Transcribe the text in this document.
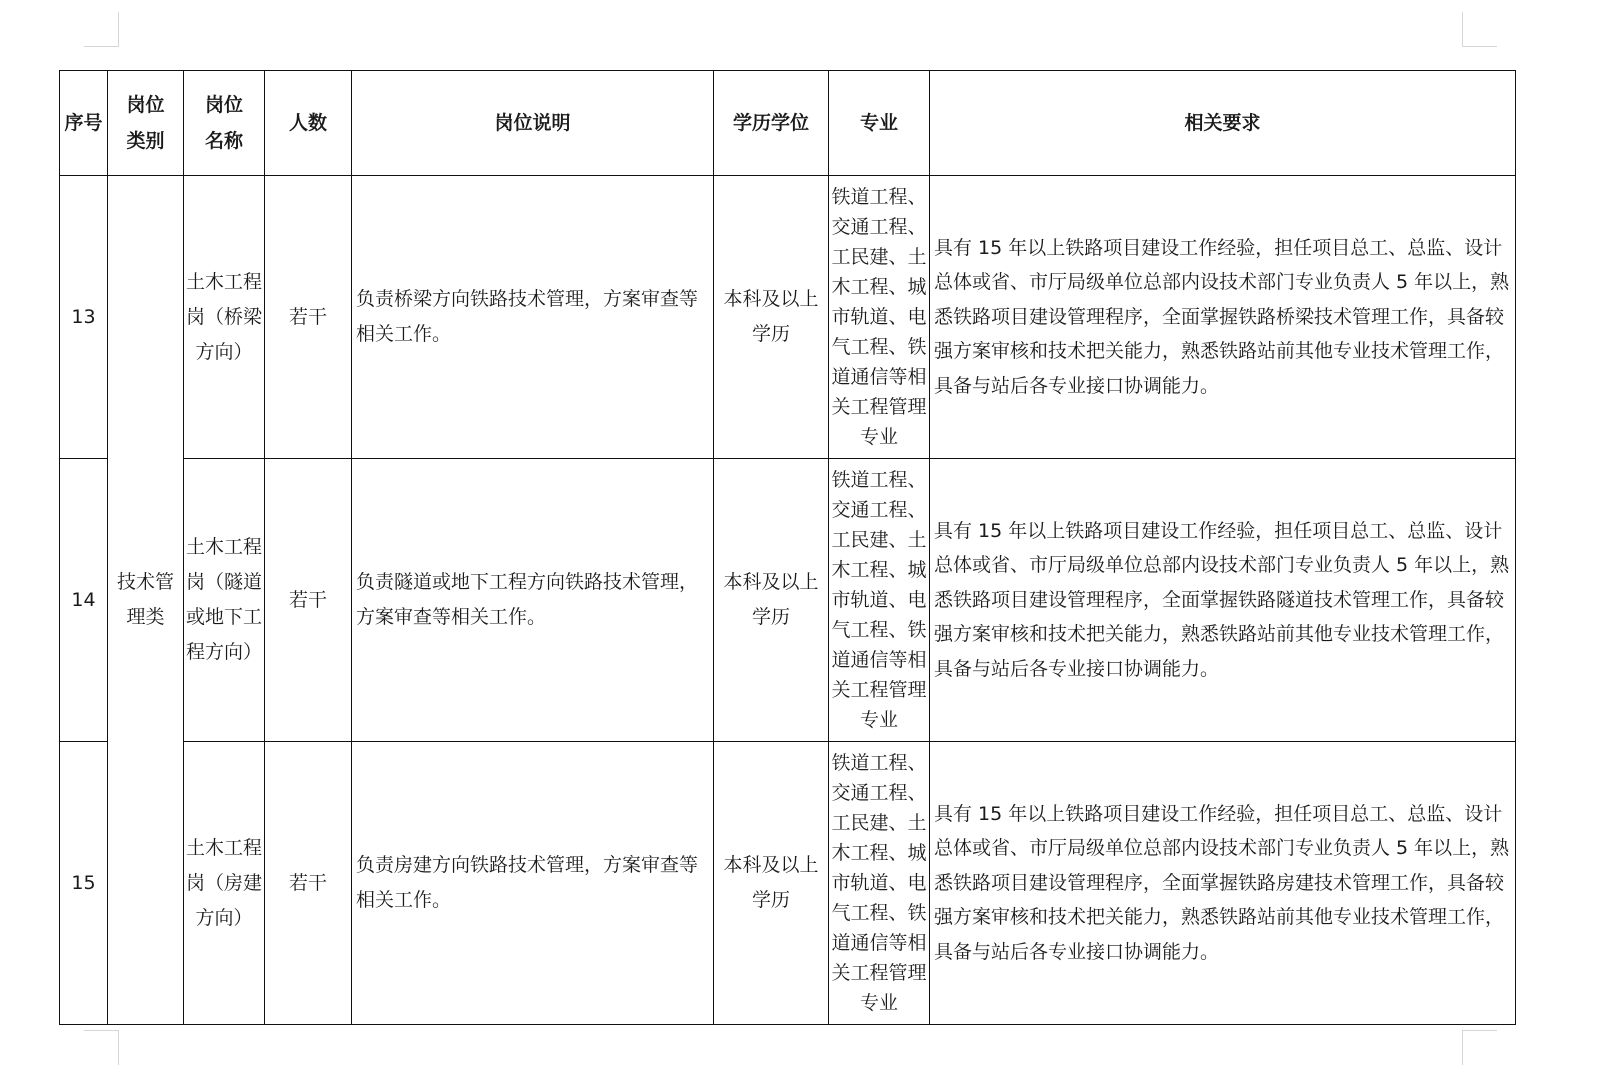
序号	岗位类别	岗位名称	人数	岗位说明	学历学位	专业	相关要求
13	技术管理类	土木工程岗（桥梁方向）	若干	负责桥梁方向铁路技术管理，方案审查等相关工作。	本科及以上学历	铁道工程、交通工程、工民建、土木工程、城市轨道、电气工程、铁道通信等相关工程管理专业	具有 15 年以上铁路项目建设工作经验，担任项目总工、总监、设计总体或省、市厅局级单位总部内设技术部门专业负责人 5 年以上，熟悉铁路项目建设管理程序，全面掌握铁路桥梁技术管理工作，具备较强方案审核和技术把关能力，熟悉铁路站前其他专业技术管理工作，具备与站后各专业接口协调能力。
14		土木工程岗（隧道或地下工程方向）	若干	负责隧道或地下工程方向铁路技术管理，方案审查等相关工作。	本科及以上学历	铁道工程、交通工程、工民建、土木工程、城市轨道、电气工程、铁道通信等相关工程管理专业	具有 15 年以上铁路项目建设工作经验，担任项目总工、总监、设计总体或省、市厅局级单位总部内设技术部门专业负责人 5 年以上，熟悉铁路项目建设管理程序，全面掌握铁路隧道技术管理工作，具备较强方案审核和技术把关能力，熟悉铁路站前其他专业技术管理工作，具备与站后各专业接口协调能力。
15		土木工程岗（房建方向）	若干	负责房建方向铁路技术管理，方案审查等相关工作。	本科及以上学历	铁道工程、交通工程、工民建、土木工程、城市轨道、电气工程、铁道通信等相关工程管理专业	具有 15 年以上铁路项目建设工作经验，担任项目总工、总监、设计总体或省、市厅局级单位总部内设技术部门专业负责人 5 年以上，熟悉铁路项目建设管理程序，全面掌握铁路房建技术管理工作，具备较强方案审核和技术把关能力，熟悉铁路站前其他专业技术管理工作，具备与站后各专业接口协调能力。
